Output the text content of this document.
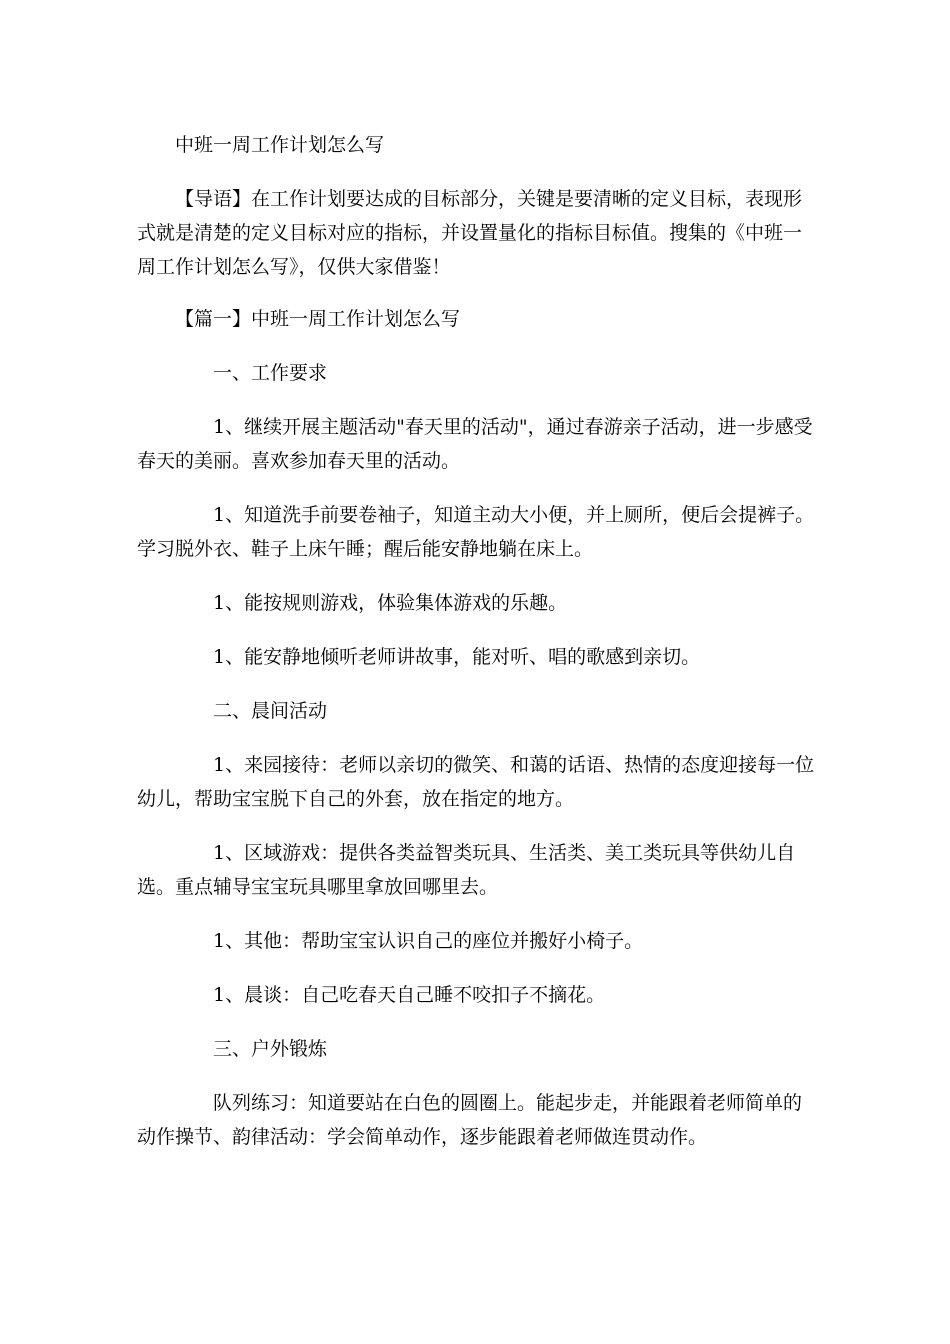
中班一周工作计划怎么写

【导语】在工作计划要达成的目标部分，关键是要清晰的定义目标，表现形式就是清楚的定义目标对应的指标，并设置量化的指标目标值。搜集的《中班一周工作计划怎么写》，仅供大家借鉴！

【篇一】中班一周工作计划怎么写

一、工作要求

1、继续开展主题活动"春天里的活动"，通过春游亲子活动，进一步感受春天的美丽。喜欢参加春天里的活动。

1、知道洗手前要卷袖子，知道主动大小便，并上厕所，便后会提裤子。学习脱外衣、鞋子上床午睡；醒后能安静地躺在床上。

1、能按规则游戏，体验集体游戏的乐趣。

1、能安静地倾听老师讲故事，能对听、唱的歌感到亲切。

二、晨间活动

1、来园接待：老师以亲切的微笑、和蔼的话语、热情的态度迎接每一位幼儿，帮助宝宝脱下自己的外套，放在指定的地方。

1、区域游戏：提供各类益智类玩具、生活类、美工类玩具等供幼儿自选。重点辅导宝宝玩具哪里拿放回哪里去。

1、其他：帮助宝宝认识自己的座位并搬好小椅子。

1、晨谈：自己吃春天自己睡不咬扣子不摘花。

三、户外锻炼

队列练习：知道要站在白色的圆圈上。能起步走，并能跟着老师简单的动作操节、韵律活动：学会简单动作，逐步能跟着老师做连贯动作。
